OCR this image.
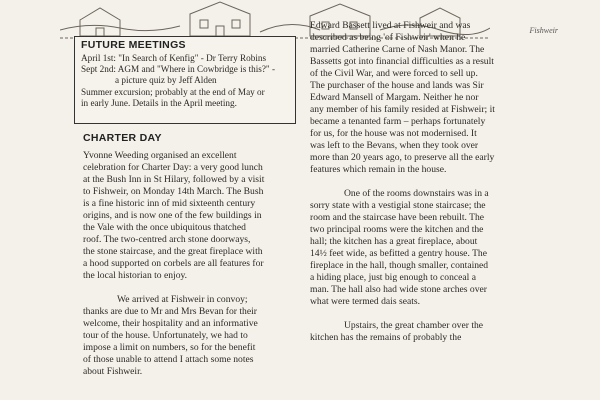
Fishweir
FUTURE MEETINGS
April 1st: "In Search of Kenfig" - Dr Terry Robins
Sept 2nd: AGM and "Where in Cowbridge is this?" -
a picture quiz by Jeff Alden
Summer excursion; probably at the end of May or
in early June. Details in the April meeting.
CHARTER DAY
Yvonne Weeding organised an excellent
celebration for Charter Day: a very good lunch
at the Bush Inn in St Hilary, followed by a visit
to Fishweir, on Monday 14th March. The Bush
is a fine historic inn of mid sixteenth century
origins, and is now one of the few buildings in
the Vale with the once ubiquitous thatched
roof. The two-centred arch stone doorways,
the stone staircase, and the great fireplace with
a hood supported on corbels are all features for
the local historian to enjoy.
We arrived at Fishweir in convoy;
thanks are due to Mr and Mrs Bevan for their
welcome, their hospitality and an informative
tour of the house. Unfortunately, we had to
impose a limit on numbers, so for the benefit
of those unable to attend I attach some notes
about Fishweir.
Edward Bassett lived at Fishweir and was
described as being 'of Fishweir' when he
married Catherine Carne of Nash Manor. The
Bassetts got into financial difficulties as a result
of the Civil War, and were forced to sell up.
The purchaser of the house and lands was Sir
Edward Mansell of Margam. Neither he nor
any member of his family resided at Fishweir; it
became a tenanted farm – perhaps fortunately
for us, for the house was not modernised. It
was left to the Bevans, when they took over
more than 20 years ago, to preserve all the early
features which remain in the house.
One of the rooms downstairs was in a
sorry state with a vestigial stone staircase; the
room and the staircase have been rebuilt. The
two principal rooms were the kitchen and the
hall; the kitchen has a great fireplace, about
14½ feet wide, as befitted a gentry house. The
fireplace in the hall, though smaller, contained
a hiding place, just big enough to conceal a
man. The hall also had wide stone arches over
what were termed dais seats.
Upstairs, the great chamber over the
kitchen has the remains of probably the
